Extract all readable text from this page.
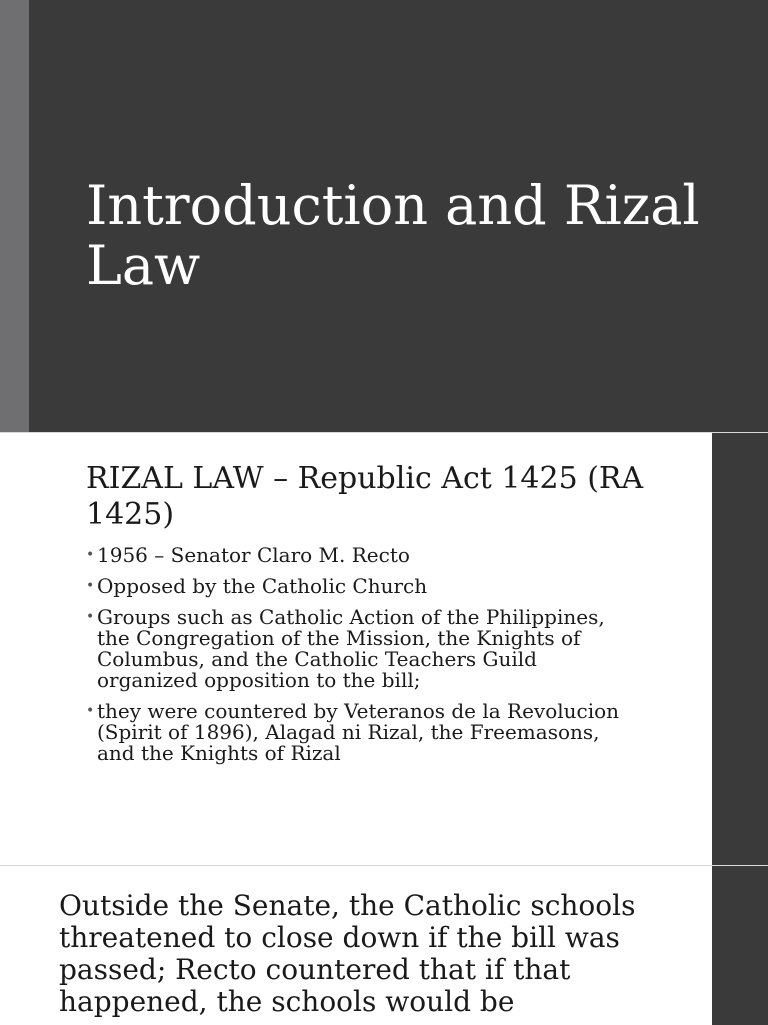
Introduction and Rizal Law
RIZAL LAW – Republic Act 1425 (RA 1425)
• 1956 – Senator Claro M. Recto
• Opposed by the Catholic Church
• Groups such as Catholic Action of the Philippines, the Congregation of the Mission, the Knights of Columbus, and the Catholic Teachers Guild organized opposition to the bill;
• they were countered by Veteranos de la Revolucion (Spirit of 1896), Alagad ni Rizal, the Freemasons, and the Knights of Rizal

Outside the Senate, the Catholic schools threatened to close down if the bill was passed; Recto countered that if that happened, the schools would be
